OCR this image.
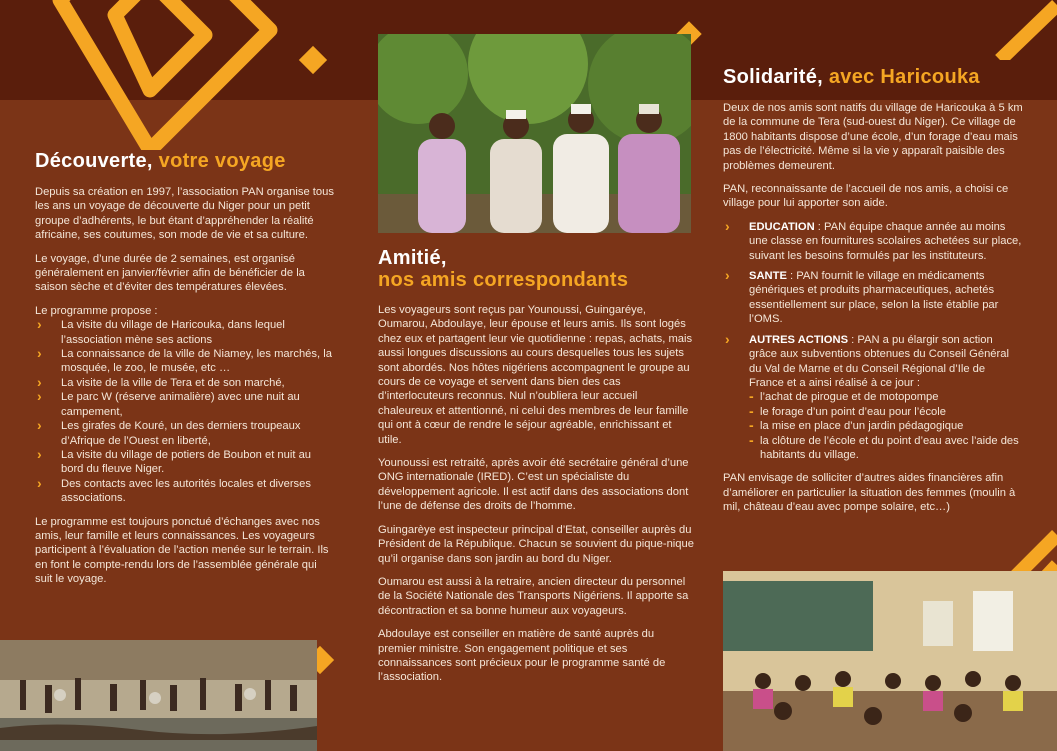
Découverte, votre voyage

Depuis sa création en 1997, l’association PAN organise tous les ans un voyage de découverte du Niger pour un petit groupe d’adhérents, le but étant d’appréhender la réalité africaine, ses coutumes, son mode de vie et sa culture.

Le voyage, d’une durée de 2 semaines, est organisé généralement en janvier/février afin de bénéficier de la saison sèche et d’éviter des températures élevées.

Le programme propose :

› La visite du village de Haricouka, dans lequel l’association mène ses actions
› La connaissance de la ville de Niamey, les marchés, la mosquée, le zoo, le musée, etc …
› La visite de la ville de Tera et de son marché,
› Le parc W (réserve animalière) avec une nuit au campement,
› Les girafes de Kouré, un des derniers troupeaux d’Afrique de l’Ouest en liberté,
› La visite du village de potiers de Boubon et nuit au bord du fleuve Niger.
› Des contacts avec les autorités locales et diverses associations.

Le programme est toujours ponctué d’échanges avec nos amis, leur famille et leurs connaissances. Les voyageurs participent à l’évaluation de l’action menée sur le terrain. Ils en font le compte-rendu lors de l’assemblée générale qui suit le voyage.

Amitié,
nos amis correspondants

Les voyageurs sont reçus par Younoussi, Guingaréye, Oumarou, Abdoulaye, leur épouse et leurs amis. Ils sont logés chez eux et partagent leur vie quotidienne : repas, achats, mais aussi longues discussions au cours desquelles tous les sujets sont abordés. Nos hôtes nigériens accompagnent le groupe au cours de ce voyage et servent dans bien des cas d’interlocuteurs reconnus. Nul n’oubliera leur accueil chaleureux et attentionné, ni celui des membres de leur famille qui ont à cœur de rendre le séjour agréable, enrichissant et utile.

Younoussi est retraité, après avoir été secrétaire général d’une ONG internationale (IRED). C’est un spécialiste du développement agricole. Il est actif dans des associations dont l’une de défense des droits de l’homme.

Guingarèye est inspecteur principal d’Etat, conseiller auprès du Président de la République. Chacun se souvient du pique-nique qu’il organise dans son jardin au bord du Niger.

Oumarou est aussi à la retraire, ancien directeur du personnel de la Société Nationale des Transports Nigériens. Il apporte sa décontraction et sa bonne humeur aux voyageurs.

Abdoulaye est conseiller en matière de santé auprès du premier ministre. Son engagement politique et ses connaissances sont précieux pour le programme santé de l’association.

Solidarité, avec Haricouka

Deux de nos amis sont natifs du village de Haricouka à 5 km de la commune de Tera (sud-ouest du Niger). Ce village de 1800 habitants dispose d’une école, d’un forage d’eau mais pas de l’électricité. Même si la vie y apparaît paisible des problèmes demeurent.

PAN, reconnaissante de l’accueil de nos amis, a choisi ce village pour lui apporter son aide.

› EDUCATION : PAN équipe chaque année au moins une classe en fournitures scolaires achetées sur place, suivant les besoins formulés par les instituteurs.
› SANTE : PAN fournit le village en médicaments génériques et produits pharmaceutiques, achetés essentiellement sur place, selon la liste établie par l’OMS.
› AUTRES ACTIONS : PAN a pu élargir son action grâce aux subventions obtenues du Conseil Général du Val de Marne et du Conseil Régional d’Ile de France et a ainsi réalisé à ce jour :
- l’achat de pirogue et de motopompe
- le forage d’un point d’eau pour l’école
- la mise en place d’un jardin pédagogique
- la clôture de l’école et du point d’eau avec l’aide des habitants du village.

PAN envisage de solliciter d’autres aides financières afin d’améliorer en particulier la situation des femmes (moulin à mil, château d’eau avec pompe solaire, etc…)
